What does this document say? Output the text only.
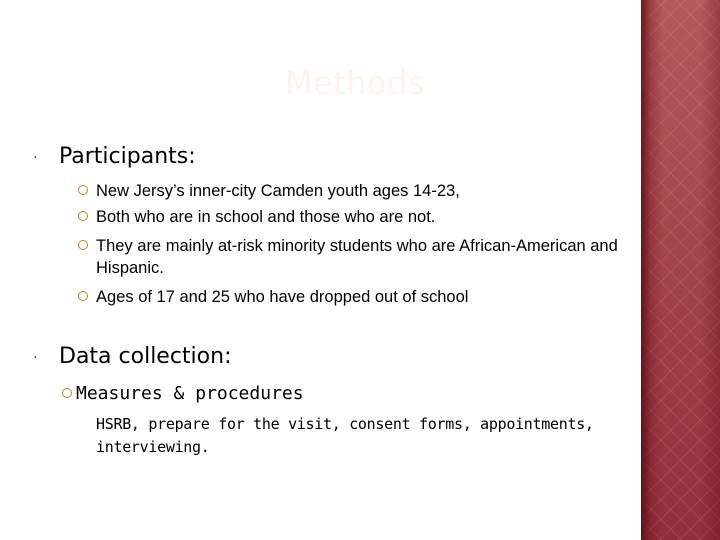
Methods
· Participants:
New Jersy’s inner-city Camden youth ages 14-23,
Both who are in school and those who are not.
They are mainly at-risk minority students who are African-American and Hispanic.
Ages of 17 and 25 who have dropped out of school
· Data collection:
Measures & procedures
HSRB, prepare for the visit, consent forms, appointments, interviewing.
